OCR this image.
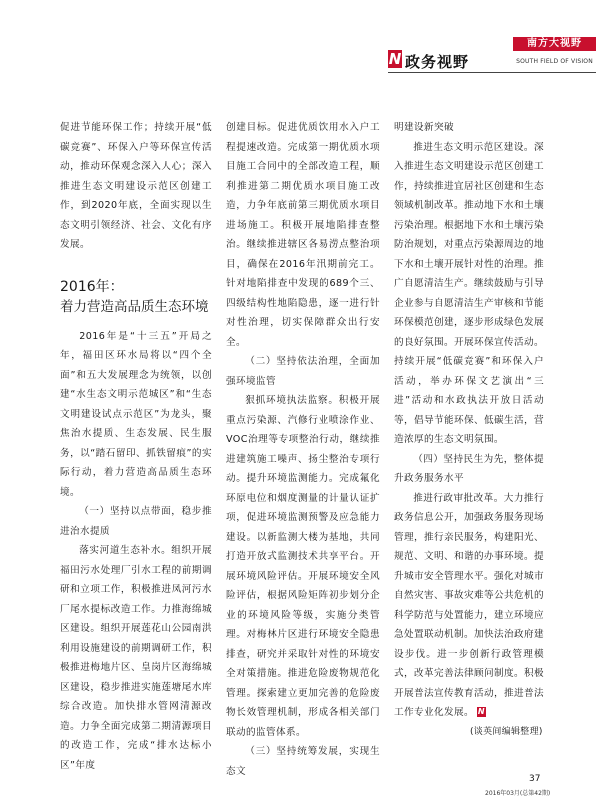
南方大视野
SOUTH FIELD OF VISION
N 政务视野

促进节能环保工作；持续开展“低碳竞赛”、环保入户等环保宣传活动，推动环保观念深入人心；深入推进生态文明建设示范区创建工作，到2020年底，全面实现以生态文明引领经济、社会、文化有序发展。

2016年：
着力营造高品质生态环境

2016年是“十三五”开局之年，福田区环水局将以“四个全面”和五大发展理念为统领，以创建“水生态文明示范城区”和“生态文明建设试点示范区”为龙头，聚焦治水提质、生态发展、民生服务，以“踏石留印、抓铁留痕”的实际行动，着力营造高品质生态环境。

（一）坚持以点带面，稳步推进治水提质

落实河道生态补水。组织开展福田污水处理厂引水工程的前期调研和立项工作，积极推进凤河污水厂尾水提标改造工作。力推海绵城区建设。组织开展莲花山公园南洪利用设施建设的前期调研工作，积极推进梅地片区、皇岗片区海绵城区建设，稳步推进实施莲塘尾水库综合改造。加快排水管网清源改造。力争全面完成第二期清源项目的改造工作，完成“排水达标小区”年度

创建目标。促进优质饮用水入户工程提速改造。完成第一期优质水项目施工合同中的全部改造工程，顺利推进第二期优质水项目施工改造，力争年底前第三期优质水项目进场施工。积极开展地陷排查整治。继续推进辖区各易涝点整治项目，确保在2016年汛期前完工。针对地陷排查中发现的689个三、四级结构性地陷隐患，逐一进行针对性治理，切实保障群众出行安全。

（二）坚持依法治理，全面加强环境监管

狠抓环境执法监察。积极开展重点污染源、汽修行业喷涂作业、VOC治理等专项整治行动，继续推进建筑施工噪声、扬尘整治专项行动。提升环境监测能力。完成氟化环原电位和烟度测量的计量认证扩项，促进环境监测预警及应急能力建设。以新监测大楼为基地，共同打造开放式监测技术共享平台。开展环境风险评估。开展环境安全风险评估，根据风险矩阵初步划分企业的环境风险等级，实施分类管理。对梅林片区进行环境安全隐患排查，研究并采取针对性的环境安全对策措施。推进危险废物规范化管理。探索建立更加完善的危险废物长效管理机制，形成各相关部门联动的监管体系。

（三）坚持统筹发展，实现生态文

明建设新突破

推进生态文明示范区建设。深入推进生态文明建设示范区创建工作，持续推进宜居社区创建和生态领域机制改革。推动地下水和土壤污染治理。根据地下水和土壤污染防治规划，对重点污染源周边的地下水和土壤开展针对性的治理。推广自愿清洁生产。继续鼓励与引导企业参与自愿清洁生产审核和节能环保模范创建，逐步形成绿色发展的良好氛围。开展环保宣传活动。持续开展“低碳竞赛”和环保入户活动，举办环保文艺演出“三进”活动和水政执法开放日活动等，倡导节能环保、低碳生活，营造浓厚的生态文明氛围。

（四）坚持民生为先，整体提升政务服务水平

推进行政审批改革。大力推行政务信息公开，加强政务服务现场管理，推行亲民服务，构建阳光、规范、文明、和谐的办事环境。提升城市安全管理水平。强化对城市自然灾害、事故灾难等公共危机的科学防范与处置能力，建立环境应急处置联动机制。加快法治政府建设步伐。进一步创新行政管理模式，改革完善法律顾问制度。积极开展普法宣传教育活动，推进普法工作专业化发展。 N

(谈英间编辑整理)
37
2016年03月(总第42期)
